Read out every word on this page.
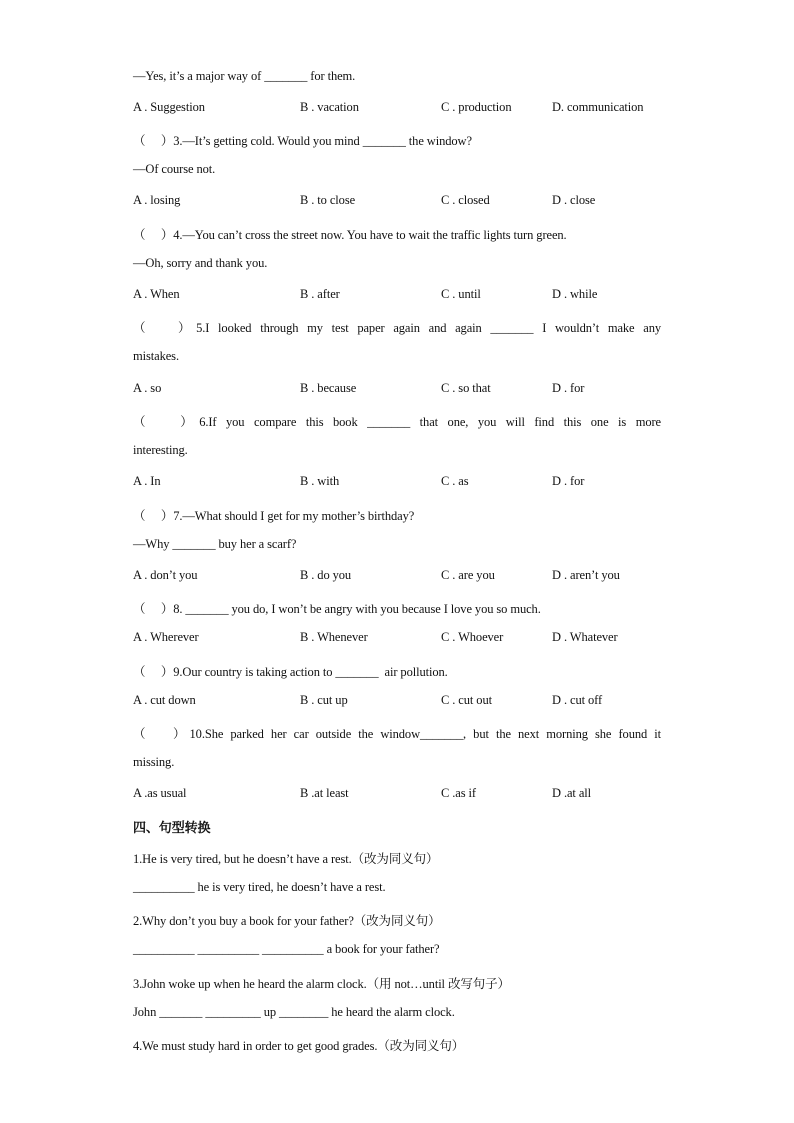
—Yes, it’s a major way of _______ for them.
A . Suggestion	B . vacation	C . production	D. communication
（　 ）3.—It’s getting cold. Would you mind _______ the window?
—Of course not.
A . losing	B . to close	C . closed	D . close
（　 ）4.—You can’t cross the street now. You have to wait the traffic lights turn green.
—Oh, sorry and thank you.
A . When	B . after	C . until	D . while
（　 ）5.I looked through my test paper again and again _______ I wouldn’t make any
mistakes.
A . so	B . because	C . so that	D . for
（　 ）6.If you compare this book _______ that one, you will find this one is more
interesting.
A . In	B . with	C . as	D . for
（　 ）7.—What should I get for my mother’s birthday?
—Why _______ buy her a scarf?
A . don’t you	B . do you	C . are you	D . aren’t you
（　 ）8. _______ you do, I won’t be angry with you because I love you so much.
A . Wherever	B . Whenever	C . Whoever	D . Whatever
（　 ）9.Our country is taking action to _______  air pollution.
A . cut down	B . cut up	C . cut out	D . cut off
（　 ）10.She parked her car outside the window_______, but the next morning she found it
missing.
A .as usual	B .at least	C .as if	D .at all
四、句型转换
1.He is very tired, but he doesn’t have a rest.（改为同义句）
__________ he is very tired, he doesn’t have a rest.
2.Why don’t you buy a book for your father?（改为同义句）
__________ __________ __________ a book for your father?
3.John woke up when he heard the alarm clock.（用 not…until 改写句子）
John _______ _________ up ________ he heard the alarm clock.
4.We must study hard in order to get good grades.（改为同义句）
